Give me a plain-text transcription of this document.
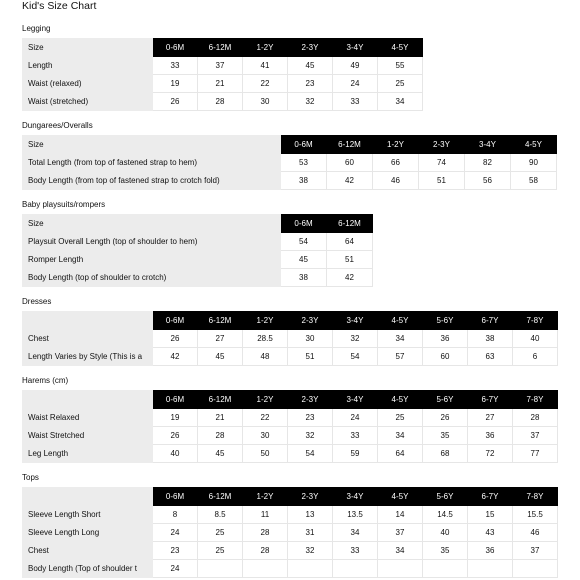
Kid's Size Chart
Legging
Size	0-6M	6-12M	1-2Y	2-3Y	3-4Y	4-5Y
Length	33	37	41	45	49	55
Waist (relaxed)	19	21	22	23	24	25
Waist (stretched)	26	28	30	32	33	34
Dungarees/Overalls
Size	0-6M	6-12M	1-2Y	2-3Y	3-4Y	4-5Y
Total Length (from top of fastened strap to hem)	53	60	66	74	82	90
Body Length (from top of fastened strap to crotch fold)	38	42	46	51	56	58
Baby playsuits/rompers
Size	0-6M	6-12M
Playsuit Overall Length (top of shoulder to hem)	54	64
Romper Length	45	51
Body Length (top of shoulder to crotch)	38	42
Dresses
	0-6M	6-12M	1-2Y	2-3Y	3-4Y	4-5Y	5-6Y	6-7Y	7-8Y
Chest	26	27	28.5	30	32	34	36	38	40
Length Varies by Style (This is a	42	45	48	51	54	57	60	63	6
Harems (cm)
	0-6M	6-12M	1-2Y	2-3Y	3-4Y	4-5Y	5-6Y	6-7Y	7-8Y
Waist Relaxed	19	21	22	23	24	25	26	27	28
Waist Stretched	26	28	30	32	33	34	35	36	37
Leg Length	40	45	50	54	59	64	68	72	77
Tops
	0-6M	6-12M	1-2Y	2-3Y	3-4Y	4-5Y	5-6Y	6-7Y	7-8Y
Sleeve Length Short	8	8.5	11	13	13.5	14	14.5	15	15.5
Sleeve Length Long	24	25	28	31	34	37	40	43	46
Chest	23	25	28	32	33	34	35	36	37
Body Length (Top of shoulder t	24								
